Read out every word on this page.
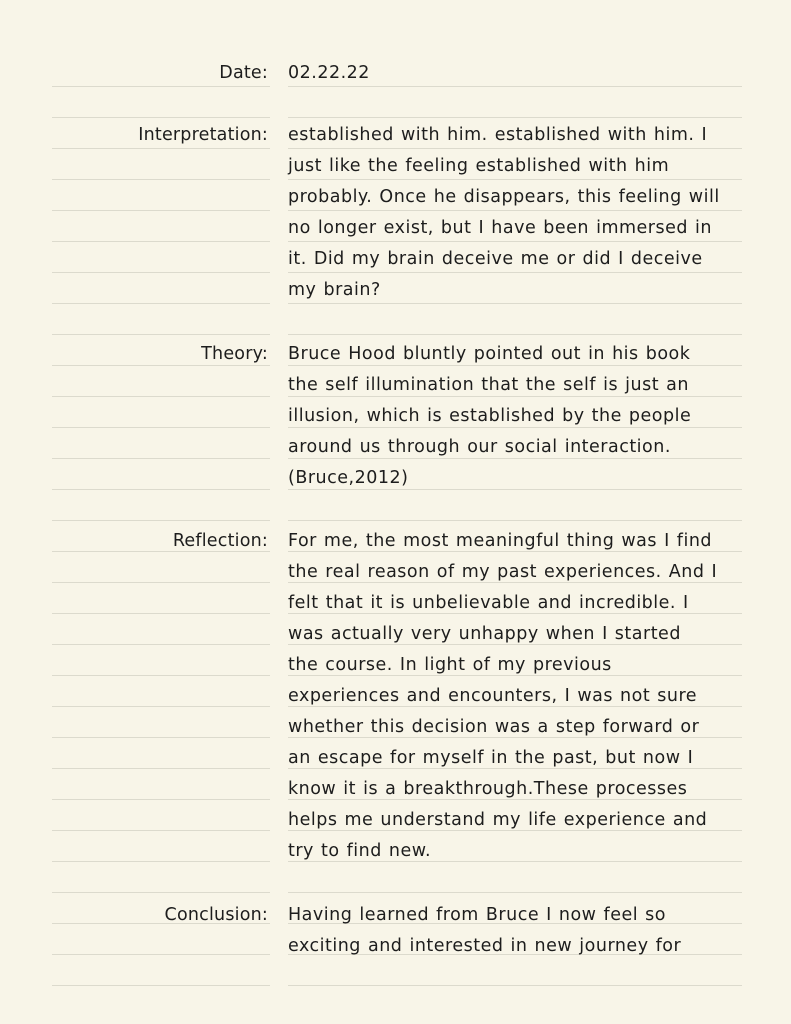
Date: 02.22.22
Interpretation: established with him. established with him. I
just like the feeling established with him
probably. Once he disappears, this feeling will
no longer exist, but I have been immersed in
it. Did my brain deceive me or did I deceive
my brain?
Theory: Bruce Hood bluntly pointed out in his book
the self illumination that the self is just an
illusion, which is established by the people
around us through our social interaction.
(Bruce,2012)
Reflection: For me, the most meaningful thing was I find
the real reason of my past experiences. And I
felt that it is unbelievable and incredible. I
was actually very unhappy when I started
the course. In light of my previous
experiences and encounters, I was not sure
whether this decision was a step forward or
an escape for myself in the past, but now I
know it is a breakthrough.These processes
helps me understand my life experience and
try to find new.
Conclusion: Having learned from Bruce I now feel so
exciting and interested in new journey for
